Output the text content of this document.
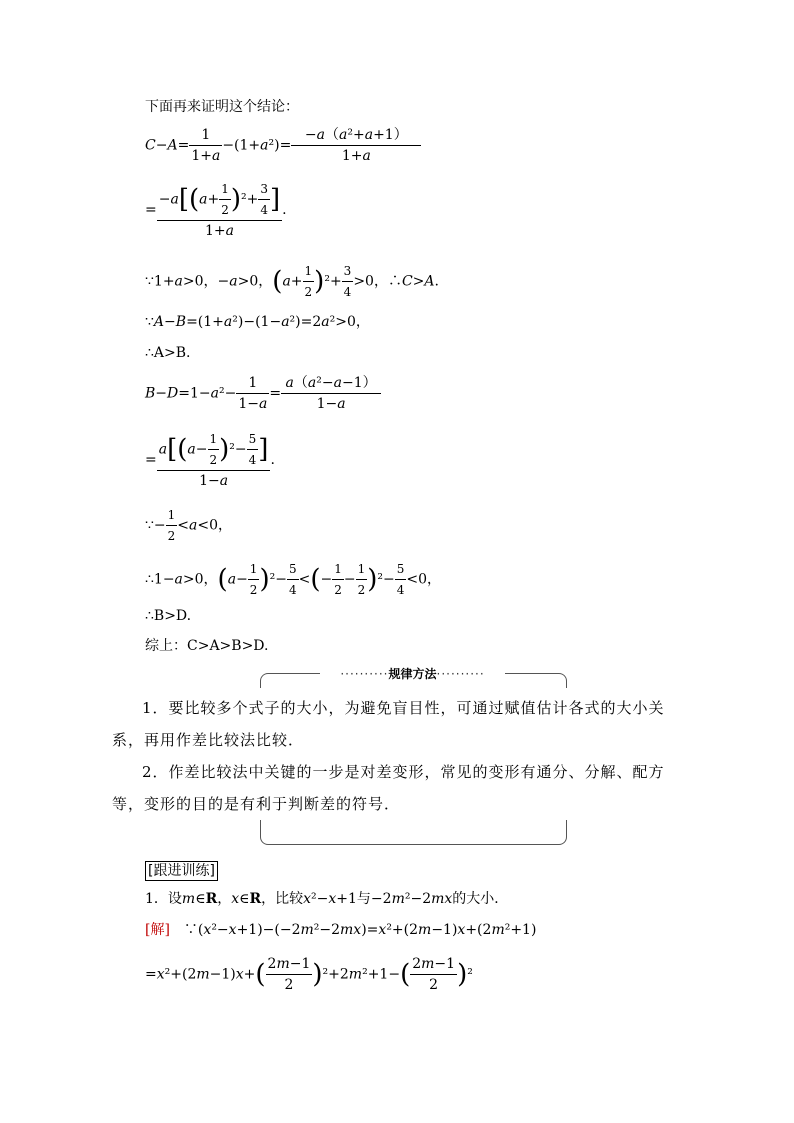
下面再来证明这个结论：
$C-A= \frac{1}{1+a} -(1+a^2)= \frac{\text{−a（a²+a+1）}}{1+a}$
= $\frac{-a[(a+ \frac{1}{2} )^2+ \frac{3}{4} ]}{1+a}$ .
∵1+a>0，−a>0，$(a+ \frac{1}{2} )^2+ \frac{3}{4} >0$，∴C>A.
∵A−B=(1+a²)−(1−a²)=2a²>0，
∴A>B.
$B-D=1-a^2- \frac{1}{1-a} = \frac{\text{a（a²−a−1）}}{1-a}$
= $\frac{a[(a- \frac{1}{2} )^2- \frac{5}{4} ]}{1-a}$ .
∵− $\frac{1}{2} <a<0$，
∴1−a>0，$(a- \frac{1}{2} )^2- \frac{5}{4}$ <(− $\frac{1}{2} - \frac{1}{2} )^2- \frac{5}{4} <0$，
∴B>D.
综上：C>A>B>D.
··········规律方法··········

1．要比较多个式子的大小，为避免盲目性，可通过赋值估计各式的大小关系，再用作差比较法比较．

2．作差比较法中关键的一步是对差变形，常见的变形有通分、分解、配方等，变形的目的是有利于判断差的符号．

[跟进训练]
1．设m∈R，x∈R，比较x²−x+1与−2m²−2mx的大小．
[解]　∵(x²−x+1)−(−2m²−2mx)=x²+(2m−1)x+(2m²+1)
$=x^2+(2m-1)x+( \frac{2m-1}{2} )^2+2m^2+1-( \frac{2m-1}{2} )^2$
